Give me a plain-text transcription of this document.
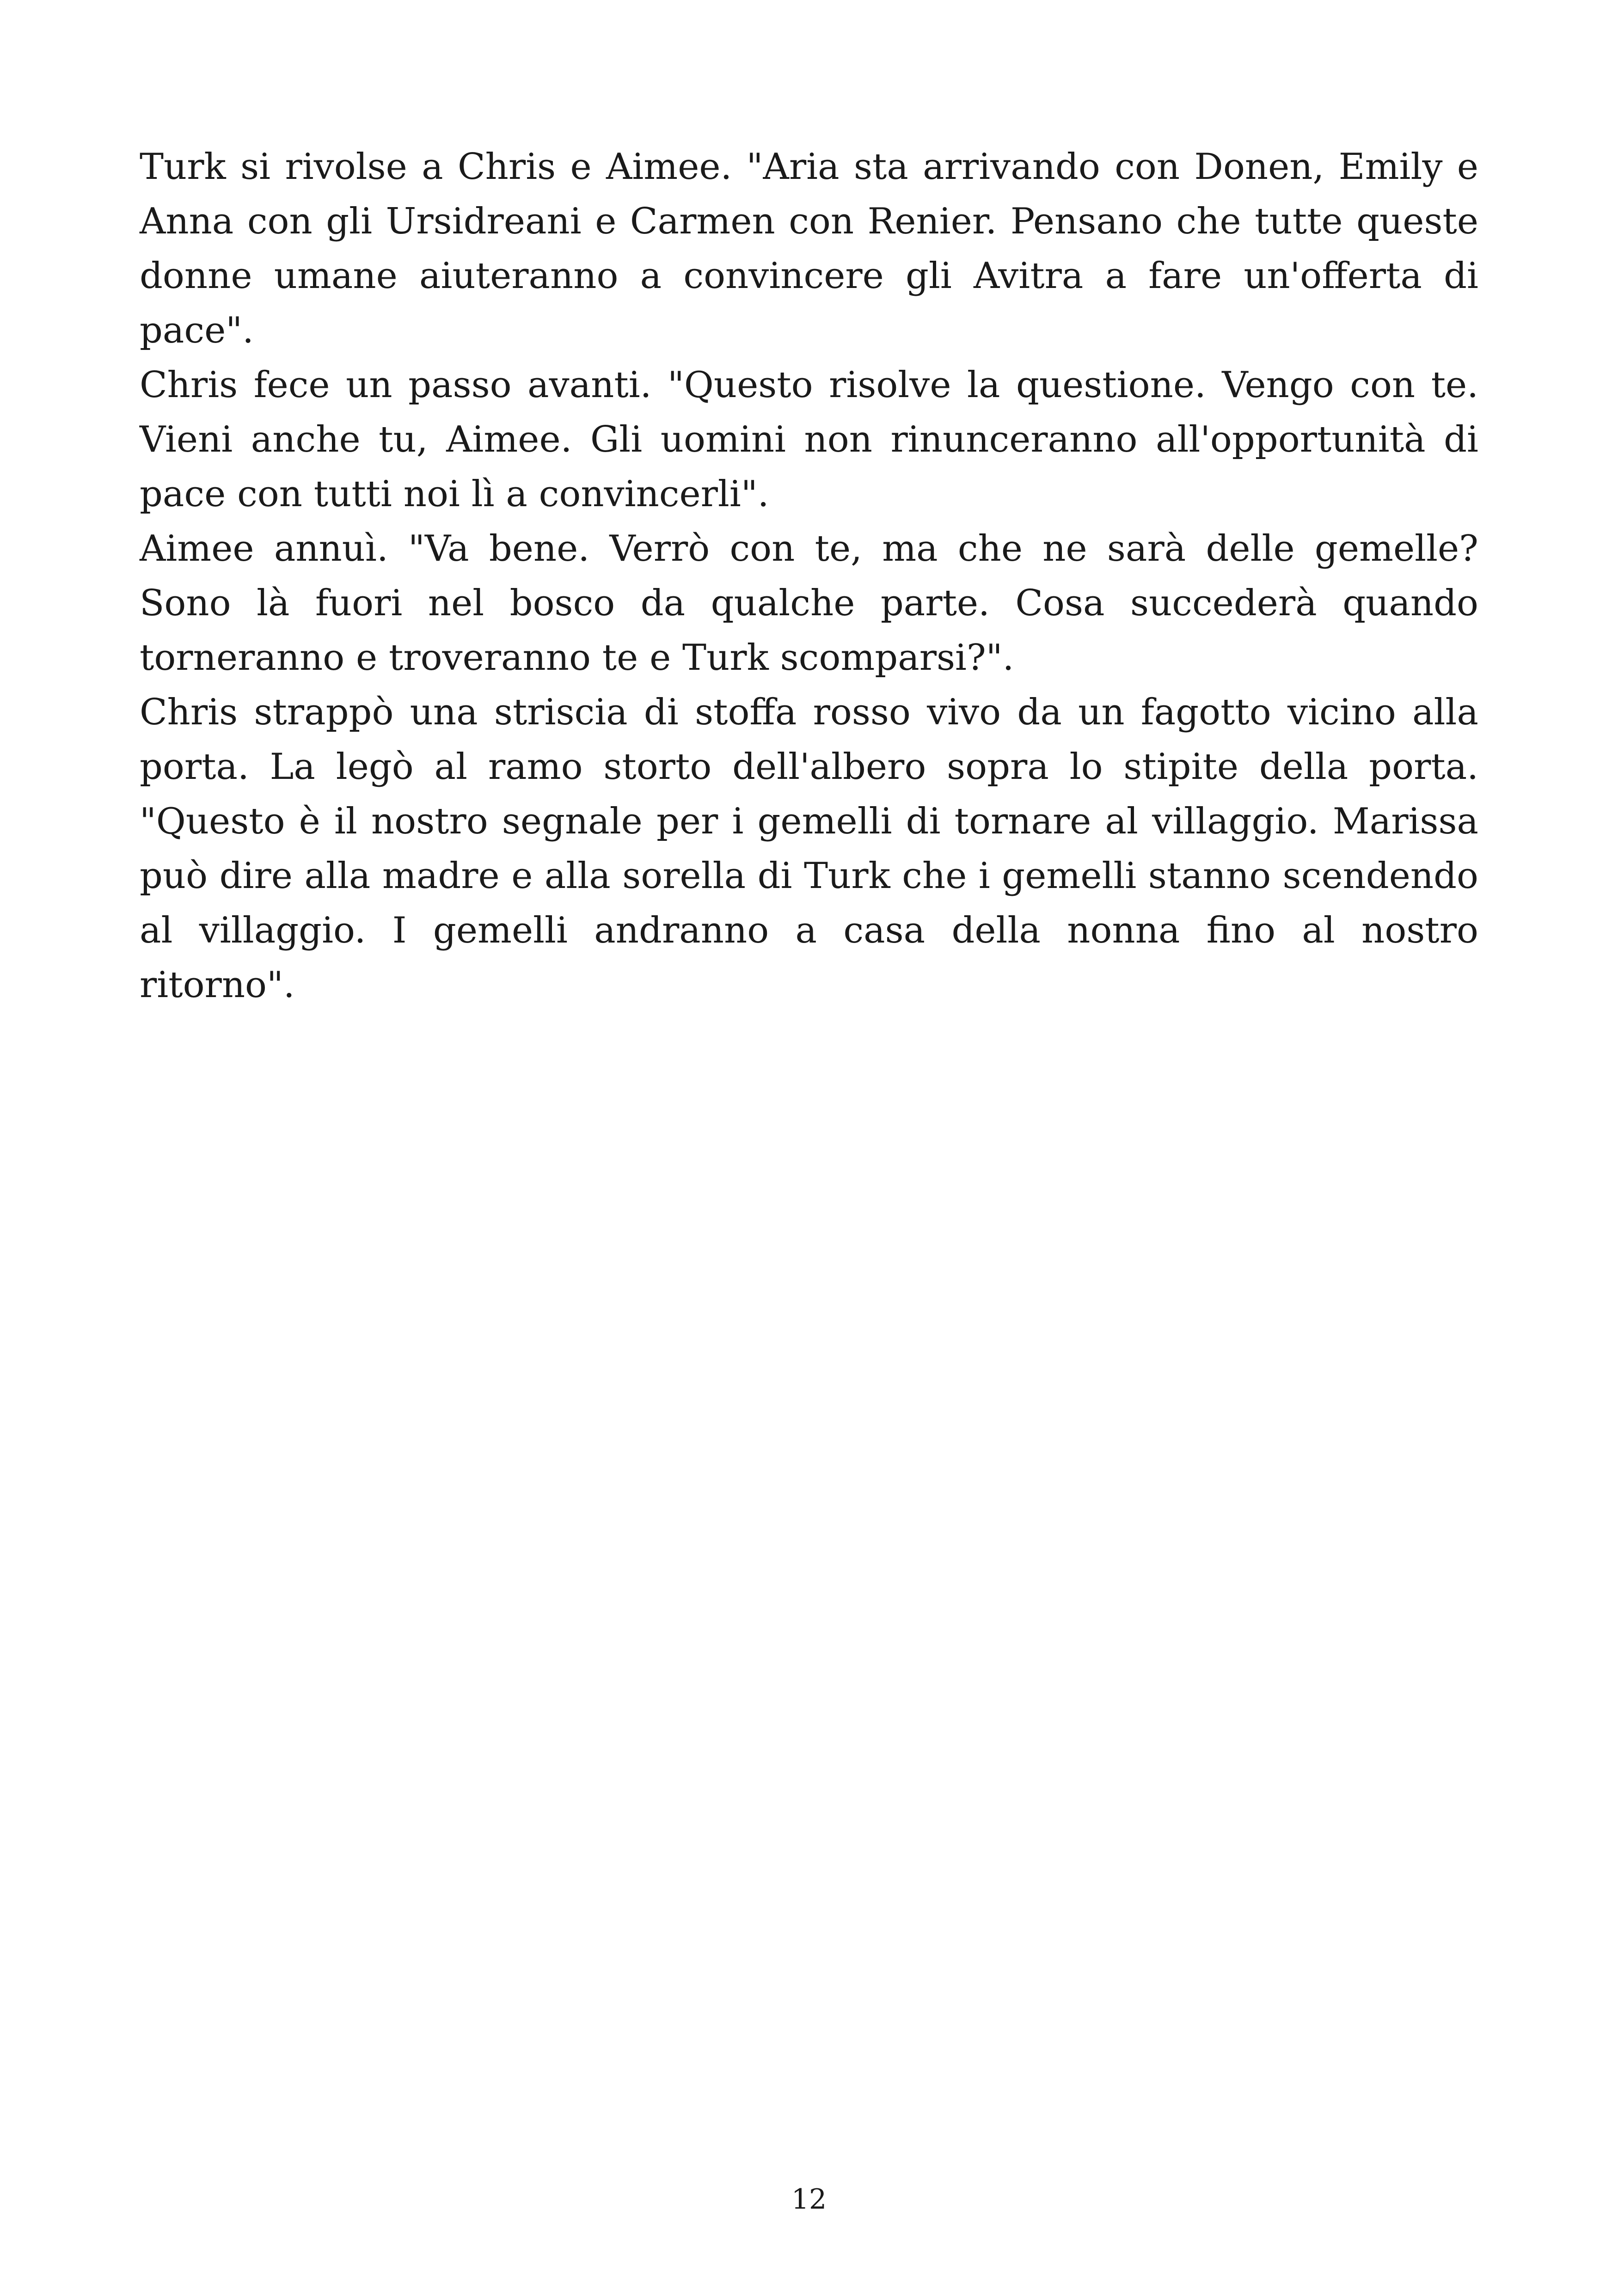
Turk si rivolse a Chris e Aimee. "Aria sta arrivando con Donen, Emily e Anna con gli Ursidreani e Carmen con Renier. Pensano che tutte queste donne umane aiuteranno a convincere gli Avitra a fare un'offerta di pace".

Chris fece un passo avanti. "Questo risolve la questione. Vengo con te. Vieni anche tu, Aimee. Gli uomini non rinunceranno all'opportunità di pace con tutti noi lì a convincerli".

Aimee annuì. "Va bene. Verrò con te, ma che ne sarà delle gemelle? Sono là fuori nel bosco da qualche parte. Cosa succederà quando torneranno e troveranno te e Turk scomparsi?".

Chris strappò una striscia di stoffa rosso vivo da un fagotto vicino alla porta. La legò al ramo storto dell'albero sopra lo stipite della porta. "Questo è il nostro segnale per i gemelli di tornare al villaggio. Marissa può dire alla madre e alla sorella di Turk che i gemelli stanno scendendo al villaggio. I gemelli andranno a casa della nonna fino al nostro ritorno".

12
